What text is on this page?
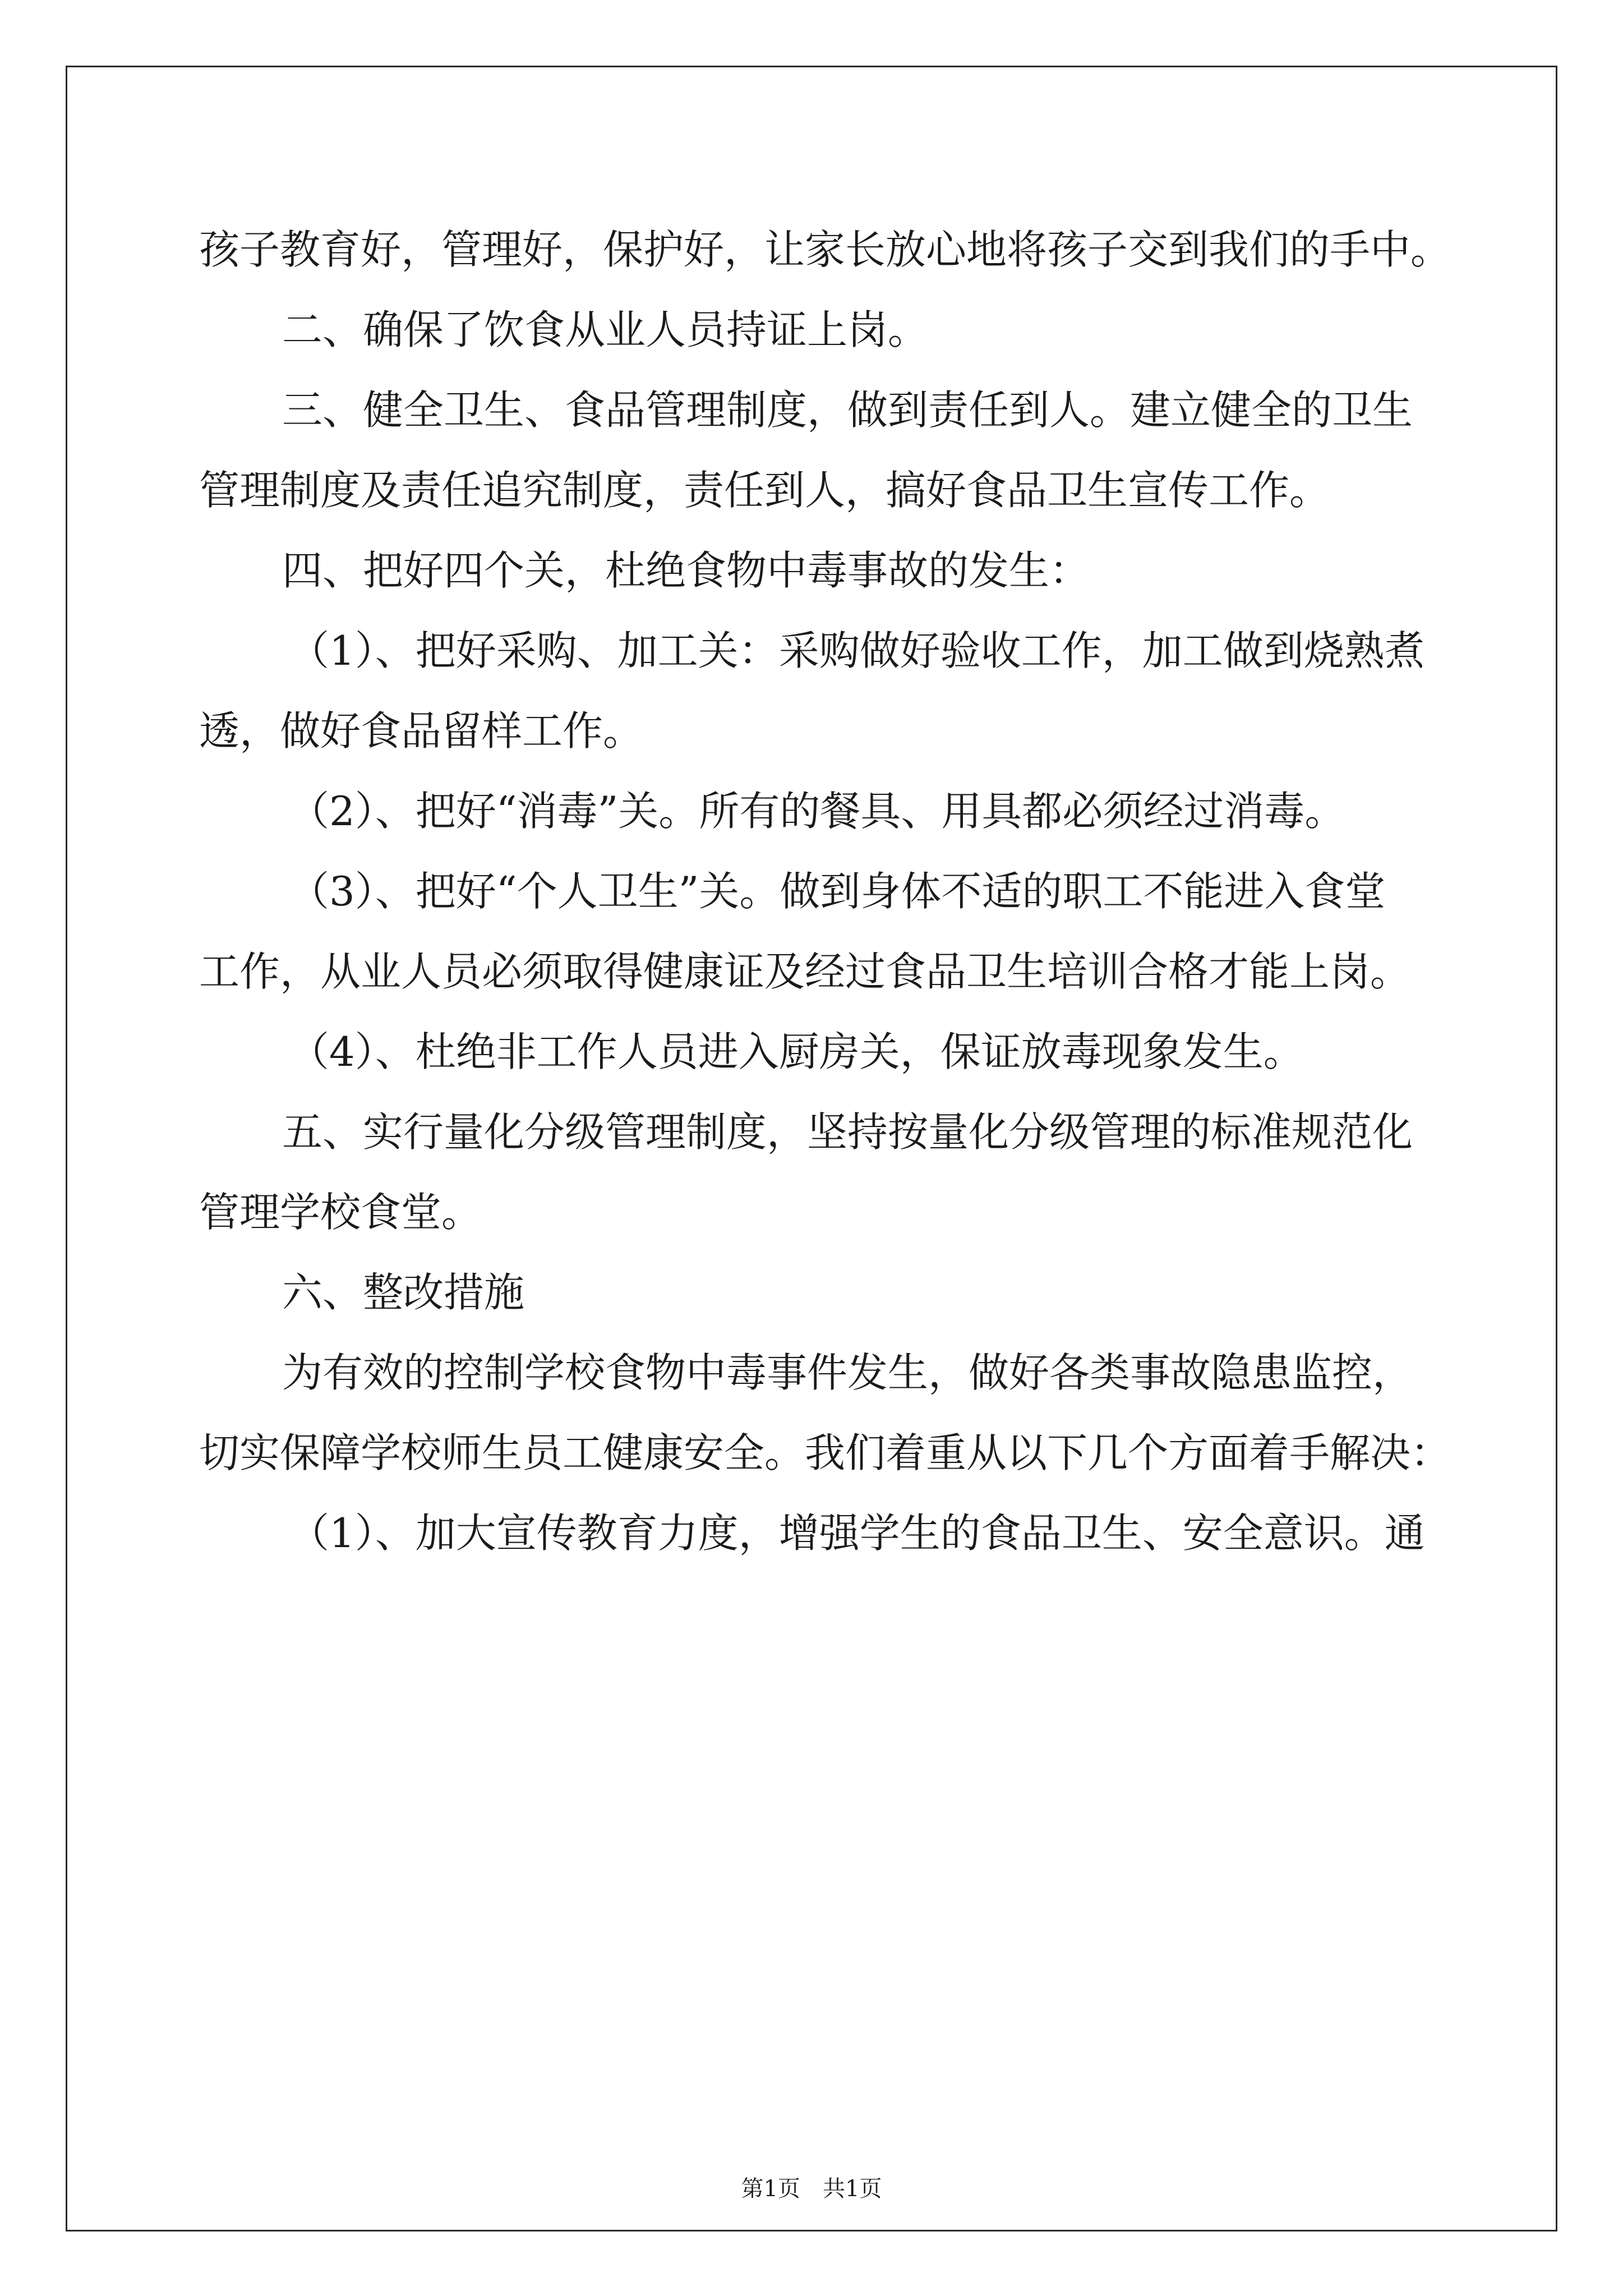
孩子教育好，管理好，保护好，让家长放心地将孩子交到我们的手中。
二、确保了饮食从业人员持证上岗。
三、健全卫生、食品管理制度，做到责任到人。建立健全的卫生
管理制度及责任追究制度，责任到人，搞好食品卫生宣传工作。
四、把好四个关，杜绝食物中毒事故的发生：
（1）、把好采购、加工关：采购做好验收工作，加工做到烧熟煮
透，做好食品留样工作。
（2）、把好“消毒”关。所有的餐具、用具都必须经过消毒。
（3）、把好“个人卫生”关。做到身体不适的职工不能进入食堂
工作，从业人员必须取得健康证及经过食品卫生培训合格才能上岗。
（4）、杜绝非工作人员进入厨房关，保证放毒现象发生。
五、实行量化分级管理制度，坚持按量化分级管理的标准规范化
管理学校食堂。
六、整改措施
为有效的控制学校食物中毒事件发生，做好各类事故隐患监控，
切实保障学校师生员工健康安全。我们着重从以下几个方面着手解决：
（1）、加大宣传教育力度，增强学生的食品卫生、安全意识。通
第1页　共1页
